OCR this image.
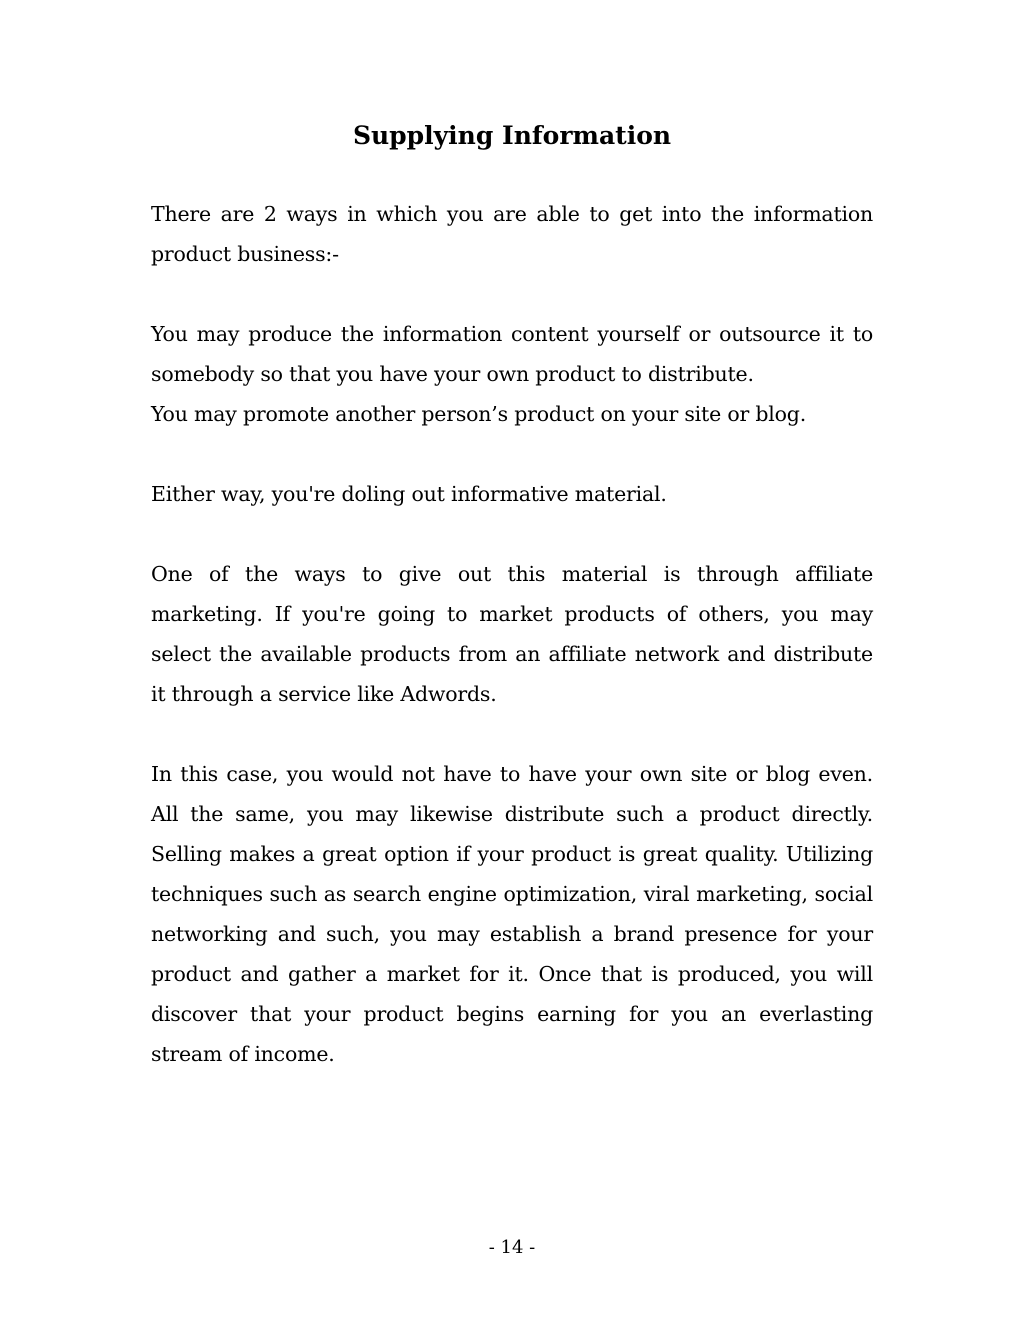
Supplying Information

There are 2 ways in which you are able to get into the information product business:-

You may produce the information content yourself or outsource it to somebody so that you have your own product to distribute.
You may promote another person’s product on your site or blog.

Either way, you're doling out informative material.

One of the ways to give out this material is through affiliate marketing. If you're going to market products of others, you may select the available products from an affiliate network and distribute it through a service like Adwords.

In this case, you would not have to have your own site or blog even. All the same, you may likewise distribute such a product directly. Selling makes a great option if your product is great quality. Utilizing techniques such as search engine optimization, viral marketing, social networking and such, you may establish a brand presence for your product and gather a market for it. Once that is produced, you will discover that your product begins earning for you an everlasting stream of income.

- 14 -
